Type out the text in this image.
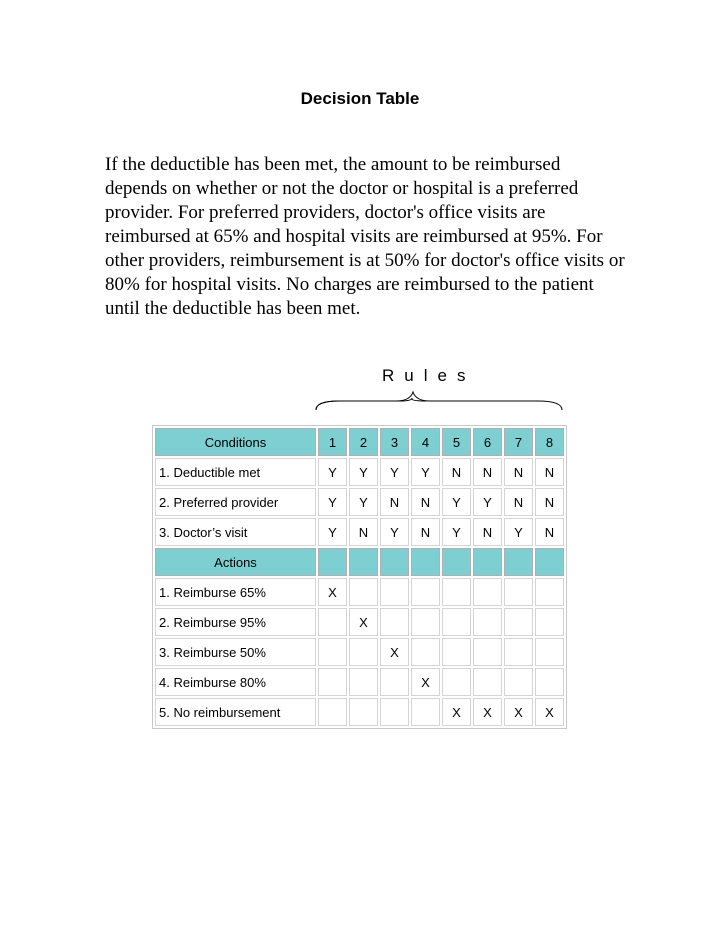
Decision Table
If the deductible has been met, the amount to be reimbursed depends on whether or not the doctor or hospital is a preferred provider. For preferred providers, doctor's office visits are reimbursed at 65% and hospital visits are reimbursed at 95%. For other providers, reimbursement is at 50% for doctor's office visits or 80% for hospital visits. No charges are reimbursed to the patient until the deductible has been met.
Rules
Conditions	1	2	3	4	5	6	7	8
1. Deductible met	Y	Y	Y	Y	N	N	N	N
2. Preferred provider	Y	Y	N	N	Y	Y	N	N
3. Doctor’s visit	Y	N	Y	N	Y	N	Y	N
Actions								
1. Reimburse 65%	X							
2. Reimburse 95%		X						
3. Reimburse 50%			X					
4. Reimburse 80%				X				
5. No reimbursement					X	X	X	X
